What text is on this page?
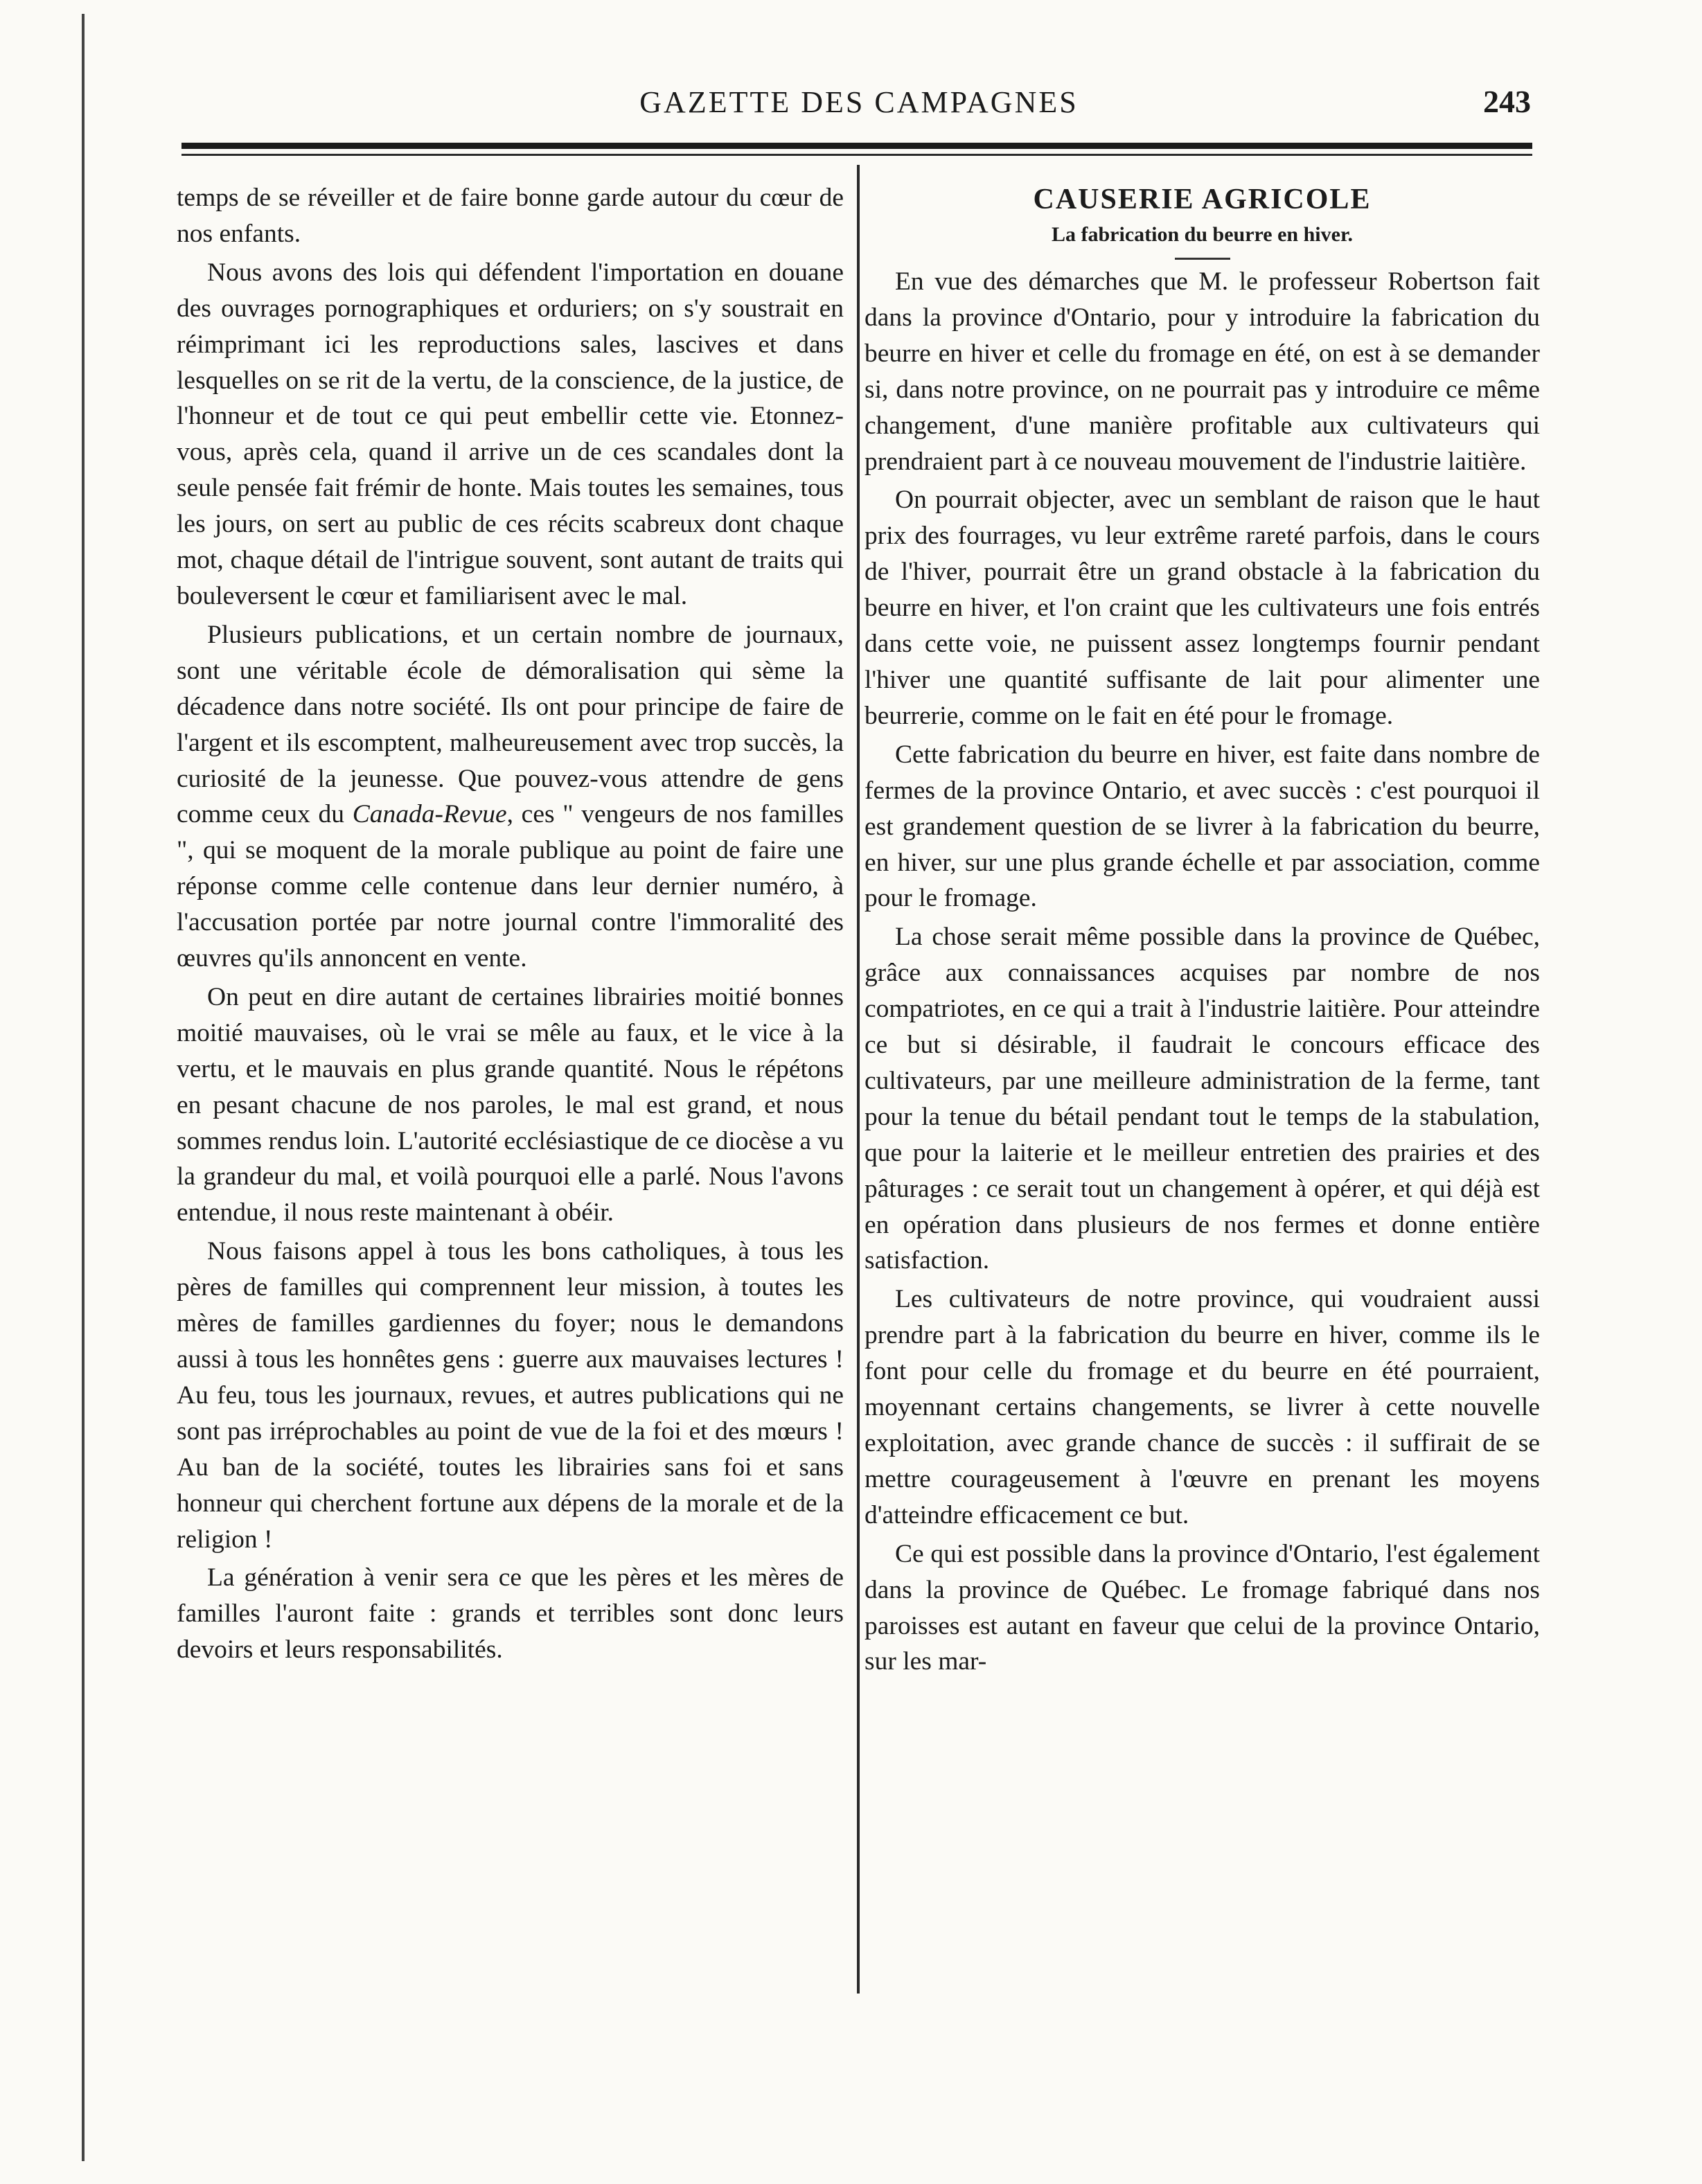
GAZETTE DES CAMPAGNES	243

temps de se réveiller et de faire bonne garde autour du cœur de nos enfants.

Nous avons des lois qui défendent l'importation en douane des ouvrages pornographiques et orduriers; on s'y soustrait en réimprimant ici les reproductions sales, lascives et dans lesquelles on se rit de la vertu, de la conscience, de la justice, de l'honneur et de tout ce qui peut embellir cette vie. Etonnez-vous, après cela, quand il arrive un de ces scandales dont la seule pensée fait frémir de honte. Mais toutes les semaines, tous les jours, on sert au public de ces récits scabreux dont chaque mot, chaque détail de l'intrigue souvent, sont autant de traits qui bouleversent le cœur et familiarisent avec le mal.

Plusieurs publications, et un certain nombre de journaux, sont une véritable école de démoralisation qui sème la décadence dans notre société. Ils ont pour principe de faire de l'argent et ils escomptent, malheureusement avec trop succès, la curiosité de la jeunesse. Que pouvez-vous attendre de gens comme ceux du Canada-Revue, ces " vengeurs de nos familles ", qui se moquent de la morale publique au point de faire une réponse comme celle contenue dans leur dernier numéro, à l'accusation portée par notre journal contre l'immoralité des œuvres qu'ils annoncent en vente.

On peut en dire autant de certaines librairies moitié bonnes moitié mauvaises, où le vrai se mêle au faux, et le vice à la vertu, et le mauvais en plus grande quantité. Nous le répétons en pesant chacune de nos paroles, le mal est grand, et nous sommes rendus loin. L'autorité ecclésiastique de ce diocèse a vu la grandeur du mal, et voilà pourquoi elle a parlé. Nous l'avons entendue, il nous reste maintenant à obéir.

Nous faisons appel à tous les bons catholiques, à tous les pères de familles qui comprennent leur mission, à toutes les mères de familles gardiennes du foyer; nous le demandons aussi à tous les honnêtes gens : guerre aux mauvaises lectures ! Au feu, tous les journaux, revues, et autres publications qui ne sont pas irréprochables au point de vue de la foi et des mœurs ! Au ban de la société, toutes les librairies sans foi et sans honneur qui cherchent fortune aux dépens de la morale et de la religion !

La génération à venir sera ce que les pères et les mères de familles l'auront faite : grands et terribles sont donc leurs devoirs et leurs responsabilités.

CAUSERIE AGRICOLE
La fabrication du beurre en hiver.

En vue des démarches que M. le professeur Robertson fait dans la province d'Ontario, pour y introduire la fabrication du beurre en hiver et celle du fromage en été, on est à se demander si, dans notre province, on ne pourrait pas y introduire ce même changement, d'une manière profitable aux cultivateurs qui prendraient part à ce nouveau mouvement de l'industrie laitière.

On pourrait objecter, avec un semblant de raison que le haut prix des fourrages, vu leur extrême rareté parfois, dans le cours de l'hiver, pourrait être un grand obstacle à la fabrication du beurre en hiver, et l'on craint que les cultivateurs une fois entrés dans cette voie, ne puissent assez longtemps fournir pendant l'hiver une quantité suffisante de lait pour alimenter une beurrerie, comme on le fait en été pour le fromage.

Cette fabrication du beurre en hiver, est faite dans nombre de fermes de la province Ontario, et avec succès : c'est pourquoi il est grandement question de se livrer à la fabrication du beurre, en hiver, sur une plus grande échelle et par association, comme pour le fromage.

La chose serait même possible dans la province de Québec, grâce aux connaissances acquises par nombre de nos compatriotes, en ce qui a trait à l'industrie laitière. Pour atteindre ce but si désirable, il faudrait le concours efficace des cultivateurs, par une meilleure administration de la ferme, tant pour la tenue du bétail pendant tout le temps de la stabulation, que pour la laiterie et le meilleur entretien des prairies et des pâturages : ce serait tout un changement à opérer, et qui déjà est en opération dans plusieurs de nos fermes et donne entière satisfaction.

Les cultivateurs de notre province, qui voudraient aussi prendre part à la fabrication du beurre en hiver, comme ils le font pour celle du fromage et du beurre en été pourraient, moyennant certains changements, se livrer à cette nouvelle exploitation, avec grande chance de succès : il suffirait de se mettre courageusement à l'œuvre en prenant les moyens d'atteindre efficacement ce but.

Ce qui est possible dans la province d'Ontario, l'est également dans la province de Québec. Le fromage fabriqué dans nos paroisses est autant en faveur que celui de la province Ontario, sur les mar-
